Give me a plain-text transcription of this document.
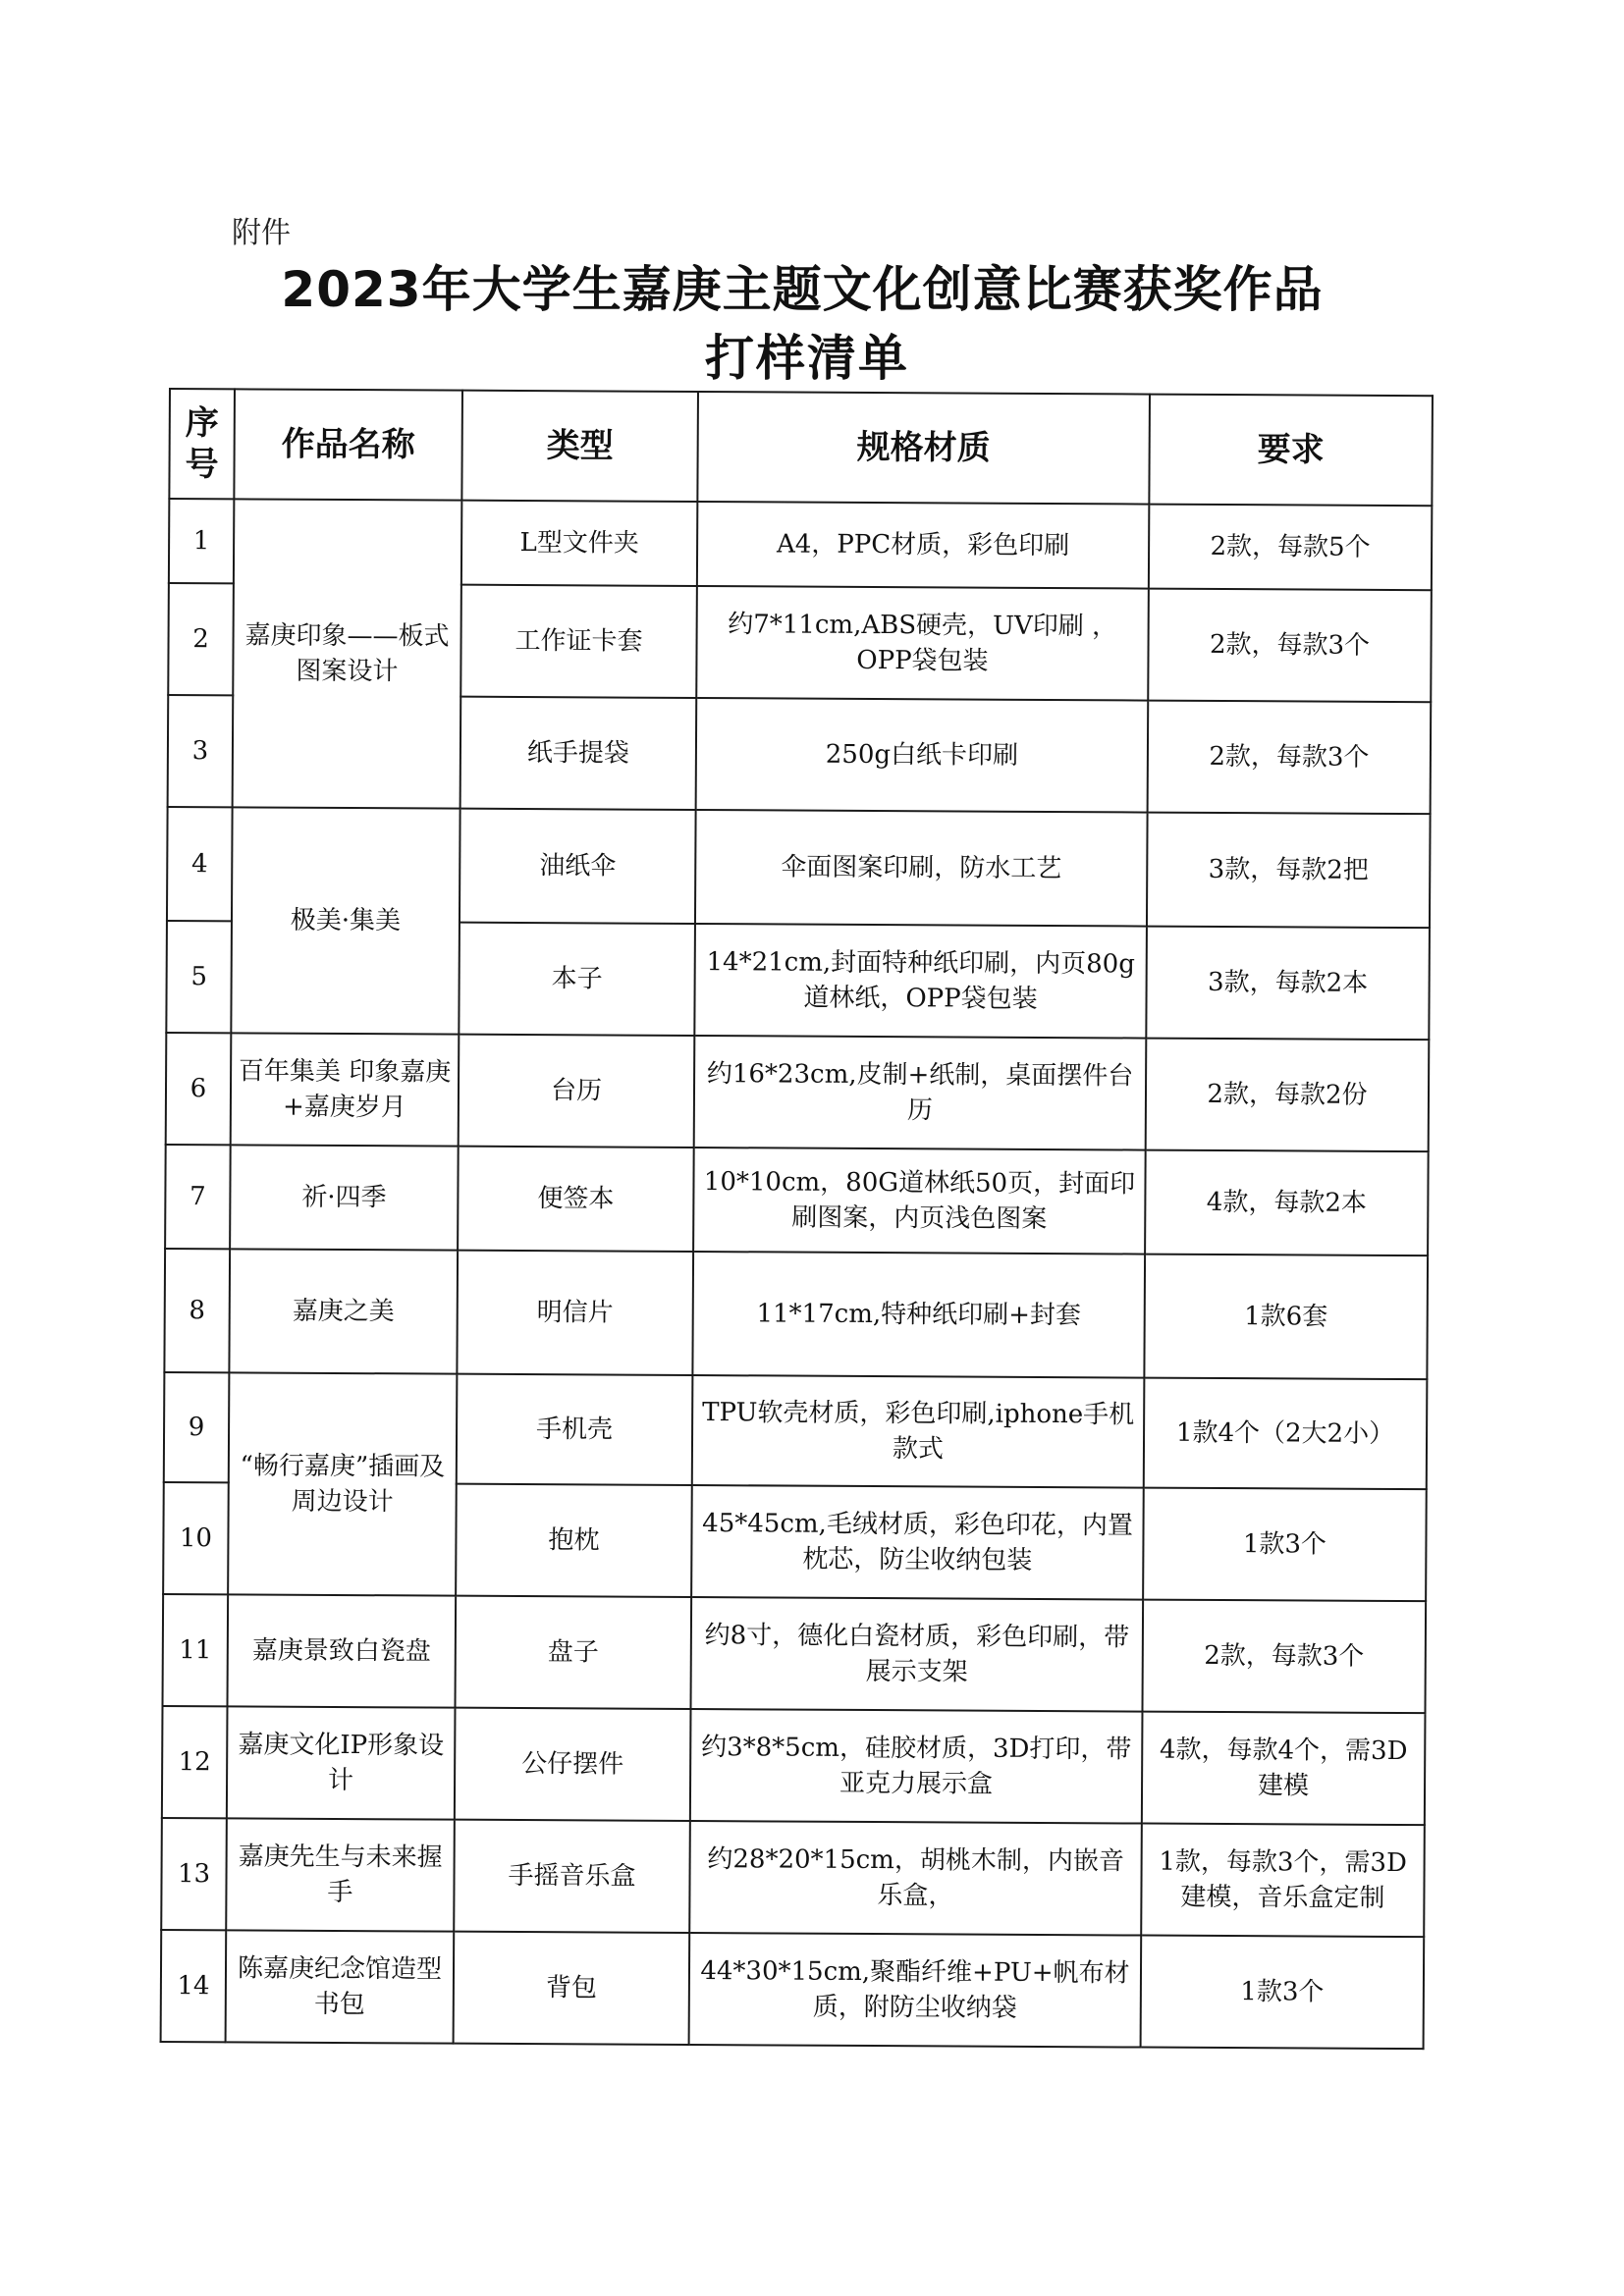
附件
2023年大学生嘉庚主题文化创意比赛获奖作品
打样清单
序号	作品名称	类型	规格材质	要求
1	嘉庚印象——板式图案设计	L型文件夹	A4，PPC材质，彩色印刷	2款，每款5个
2		工作证卡套	约7*11cm,ABS硬壳，UV印刷 ，OPP袋包装	2款，每款3个
3		纸手提袋	250g白纸卡印刷	2款，每款3个
4	极美·集美	油纸伞	伞面图案印刷，防水工艺	3款，每款2把
5		本子	14*21cm,封面特种纸印刷，内页80g道林纸，OPP袋包装	3款，每款2本
6	百年集美 印象嘉庚+嘉庚岁月	台历	约16*23cm,皮制+纸制，桌面摆件台历	2款，每款2份
7	祈·四季	便签本	10*10cm，80G道林纸50页，封面印刷图案，内页浅色图案	4款，每款2本
8	嘉庚之美	明信片	11*17cm,特种纸印刷+封套	1款6套
9	“畅行嘉庚”插画及周边设计	手机壳	TPU软壳材质，彩色印刷,iphone手机款式	1款4个（2大2小）
10		抱枕	45*45cm,毛绒材质，彩色印花，内置枕芯，防尘收纳包装	1款3个
11	嘉庚景致白瓷盘	盘子	约8寸，德化白瓷材质，彩色印刷，带展示支架	2款，每款3个
12	嘉庚文化IP形象设计	公仔摆件	约3*8*5cm，硅胶材质，3D打印，带亚克力展示盒	4款，每款4个，需3D建模
13	嘉庚先生与未来握手	手摇音乐盒	约28*20*15cm，胡桃木制，内嵌音乐盒，	1款，每款3个，需3D建模，音乐盒定制
14	陈嘉庚纪念馆造型书包	背包	44*30*15cm,聚酯纤维+PU+帆布材质，附防尘收纳袋	1款3个
